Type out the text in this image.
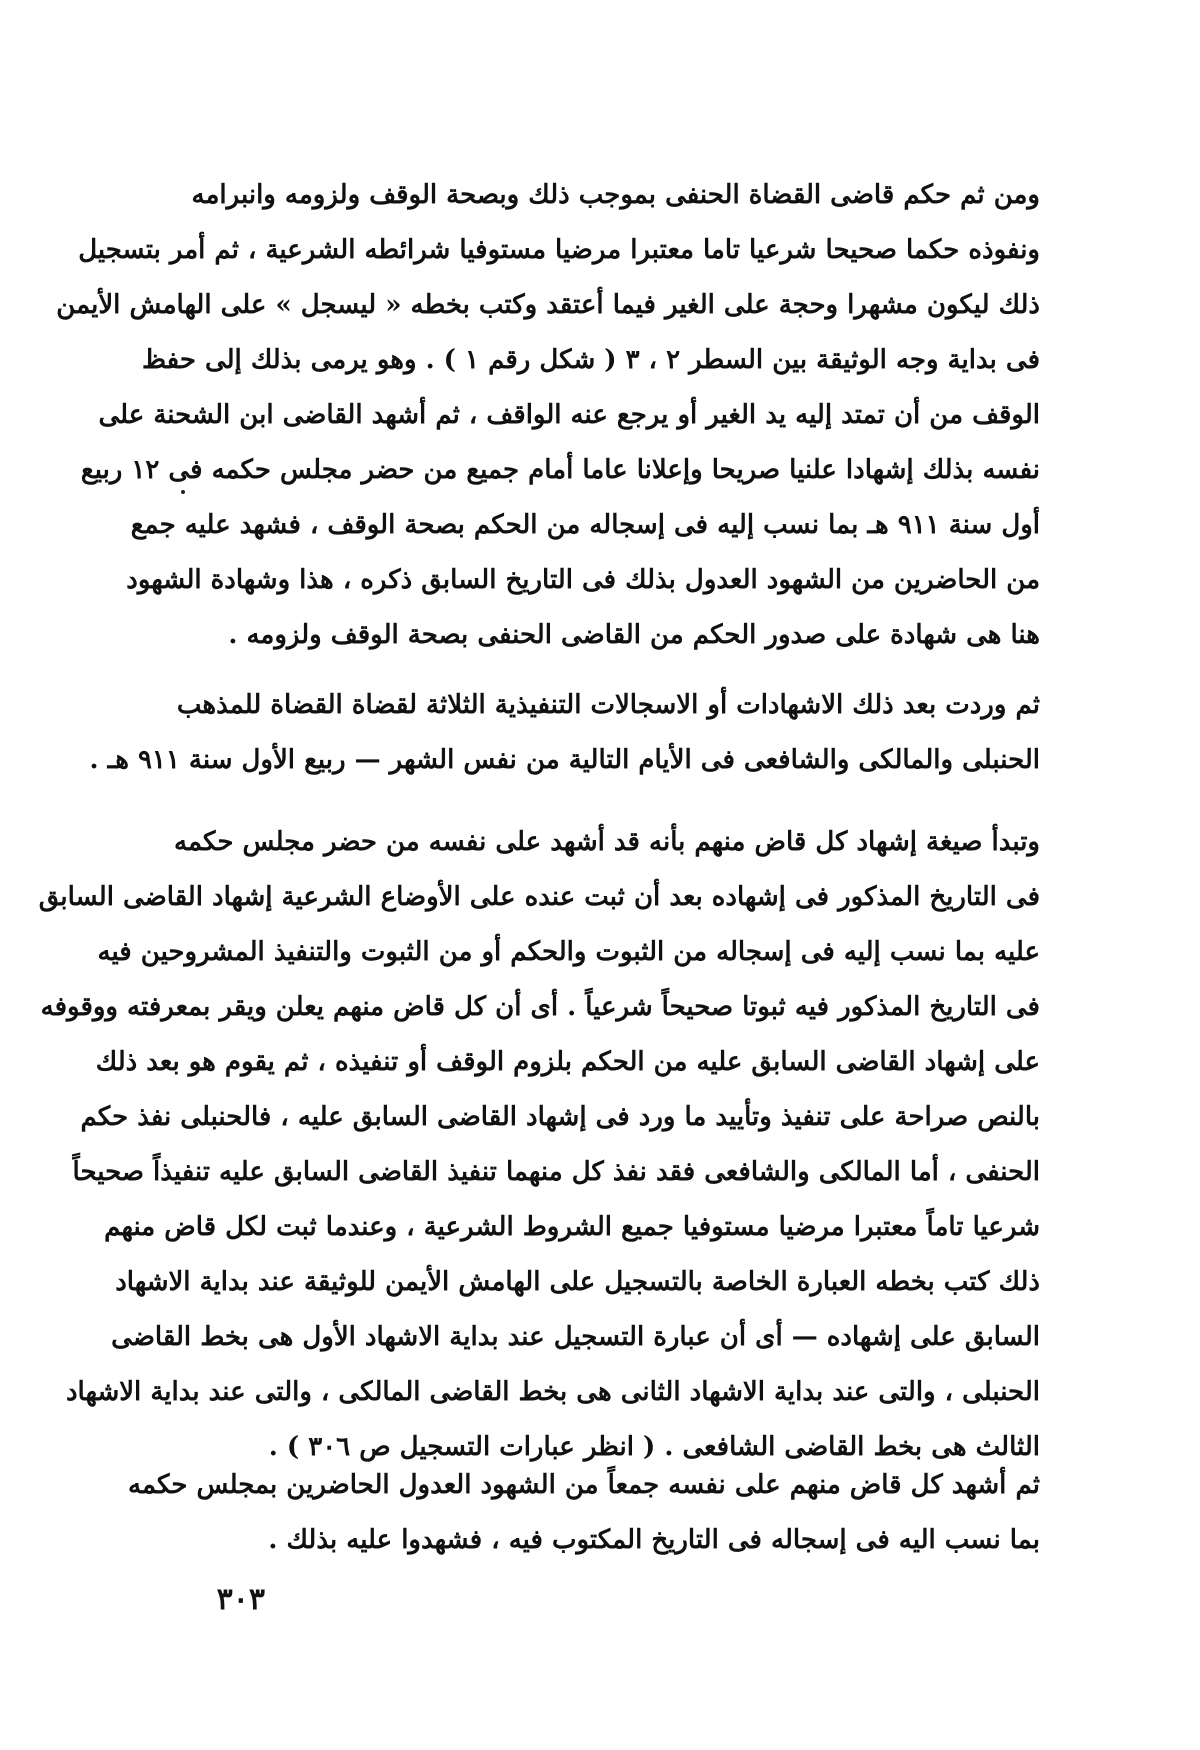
ومن ثم حكم قاضى القضاة الحنفى بموجب ذلك وبصحة الوقف ولزومه وانبرامه
ونفوذه حكما صحيحا شرعيا تاما معتبرا مرضيا مستوفيا شرائطه الشرعية ، ثم أمر بتسجيل
ذلك ليكون مشهرا وحجة على الغير فيما أعتقد وكتب بخطه « ليسجل » على الهامش الأيمن
فى بداية وجه الوثيقة بين السطر ٢ ، ٣ ( شكل رقم ١ ) . وهو يرمى بذلك إلى حفظ
الوقف من أن تمتد إليه يد الغير أو يرجع عنه الواقف ، ثم أشهد القاضى ابن الشحنة على
نفسه بذلك إشهادا علنيا صريحا وإعلانا عاما أمام جميع من حضر مجلس حكمه فى ١٢ ربيع
أول سنة ٩١١ هـ بما نسب إليه فى إسجاله من الحكم بصحة الوقف ، فشهد عليه جمع
من الحاضرين من الشهود العدول بذلك فى التاريخ السابق ذكره ، هذا وشهادة الشهود
هنا هى شهادة على صدور الحكم من القاضى الحنفى بصحة الوقف ولزومه .
ثم وردت بعد ذلك الاشهادات أو الاسجالات التنفيذية الثلاثة لقضاة القضاة للمذهب
الحنبلى والمالكى والشافعى فى الأيام التالية من نفس الشهر — ربيع الأول سنة ٩١١ هـ .
وتبدأ صيغة إشهاد كل قاض منهم بأنه قد أشهد على نفسه من حضر مجلس حكمه
فى التاريخ المذكور فى إشهاده بعد أن ثبت عنده على الأوضاع الشرعية إشهاد القاضى السابق
عليه بما نسب إليه فى إسجاله من الثبوت والحكم أو من الثبوت والتنفيذ المشروحين فيه
فى التاريخ المذكور فيه ثبوتا صحيحاً شرعياً . أى أن كل قاض منهم يعلن ويقر بمعرفته ووقوفه
على إشهاد القاضى السابق عليه من الحكم بلزوم الوقف أو تنفيذه ، ثم يقوم هو بعد ذلك
بالنص صراحة على تنفيذ وتأييد ما ورد فى إشهاد القاضى السابق عليه ، فالحنبلى نفذ حكم
الحنفى ، أما المالكى والشافعى فقد نفذ كل منهما تنفيذ القاضى السابق عليه تنفيذاً صحيحاً
شرعيا تاماً معتبرا مرضيا مستوفيا جميع الشروط الشرعية ، وعندما ثبت لكل قاض منهم
ذلك كتب بخطه العبارة الخاصة بالتسجيل على الهامش الأيمن للوثيقة عند بداية الاشهاد
السابق على إشهاده — أى أن عبارة التسجيل عند بداية الاشهاد الأول هى بخط القاضى
الحنبلى ، والتى عند بداية الاشهاد الثانى هى بخط القاضى المالكى ، والتى عند بداية الاشهاد
الثالث هى بخط القاضى الشافعى . ( انظر عبارات التسجيل ص ٣٠٦ ) .
ثم أشهد كل قاض منهم على نفسه جمعاً من الشهود العدول الحاضرين بمجلس حكمه
بما نسب اليه فى إسجاله فى التاريخ المكتوب فيه ، فشهدوا عليه بذلك .
٣٠٣
